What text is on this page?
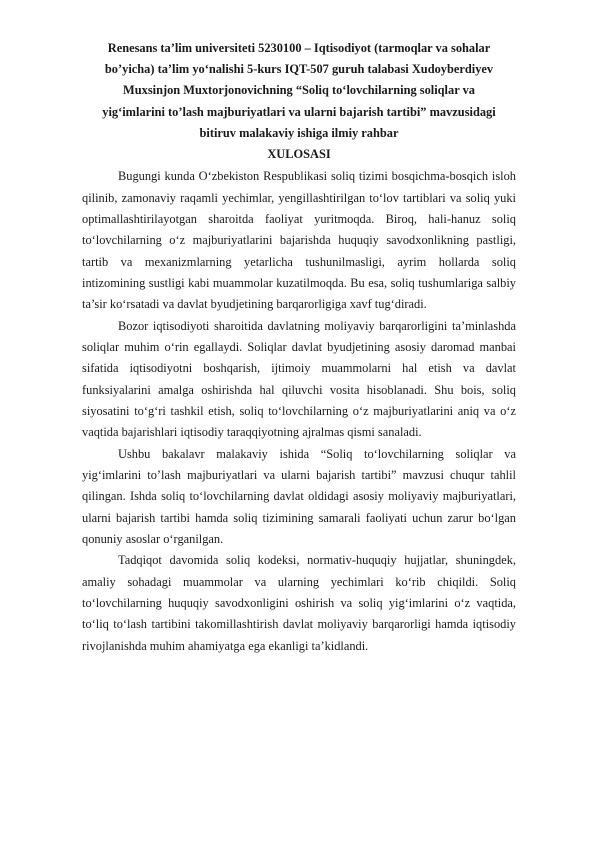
Renesans ta’lim universiteti 5230100 – Iqtisodiyot (tarmoqlar va sohalar
bo’yicha) ta’lim yo‘nalishi 5-kurs IQT-507 guruh talabasi Xudoyberdiyev
Muxsinjon Muxtorjonovichning “Soliq to‘lovchilarning soliqlar va
yig‘imlarini to’lash majburiyatlari va ularni bajarish tartibi” mavzusidagi
bitiruv malakaviy ishiga ilmiy rahbar
XULOSASI

Bugungi kunda O‘zbekiston Respublikasi soliq tizimi bosqichma-bosqich isloh qilinib, zamonaviy raqamli yechimlar, yengillashtirilgan to‘lov tartiblari va soliq yuki optimallashtirilayotgan sharoitda faoliyat yuritmoqda. Biroq, hali-hanuz soliq to‘lovchilarning o‘z majburiyatlarini bajarishda huquqiy savodxonlikning pastligi, tartib va mexanizmlarning yetarlicha tushunilmasligi, ayrim hollarda soliq intizomining sustligi kabi muammolar kuzatilmoqda. Bu esa, soliq tushumlariga salbiy ta’sir ko‘rsatadi va davlat byudjetining barqarorligiga xavf tug‘diradi.

Bozor iqtisodiyoti sharoitida davlatning moliyaviy barqarorligini ta’minlashda soliqlar muhim o‘rin egallaydi. Soliqlar davlat byudjetining asosiy daromad manbai sifatida iqtisodiyotni boshqarish, ijtimoiy muammolarni hal etish va davlat funksiyalarini amalga oshirishda hal qiluvchi vosita hisoblanadi. Shu bois, soliq siyosatini to‘g‘ri tashkil etish, soliq to‘lovchilarning o‘z majburiyatlarini aniq va o‘z vaqtida bajarishlari iqtisodiy taraqqiyotning ajralmas qismi sanaladi.

Ushbu bakalavr malakaviy ishida “Soliq to‘lovchilarning soliqlar va yig‘imlarini to’lash majburiyatlari va ularni bajarish tartibi” mavzusi chuqur tahlil qilingan. Ishda soliq to‘lovchilarning davlat oldidagi asosiy moliyaviy majburiyatlari, ularni bajarish tartibi hamda soliq tizimining samarali faoliyati uchun zarur bo‘lgan qonuniy asoslar o‘rganilgan.

Tadqiqot davomida soliq kodeksi, normativ-huquqiy hujjatlar, shuningdek, amaliy sohadagi muammolar va ularning yechimlari ko‘rib chiqildi. Soliq to‘lovchilarning huquqiy savodxonligini oshirish va soliq yig‘imlarini o‘z vaqtida, to‘liq to‘lash tartibini takomillashtirish davlat moliyaviy barqarorligi hamda iqtisodiy rivojlanishda muhim ahamiyatga ega ekanligi ta’kidlandi.
